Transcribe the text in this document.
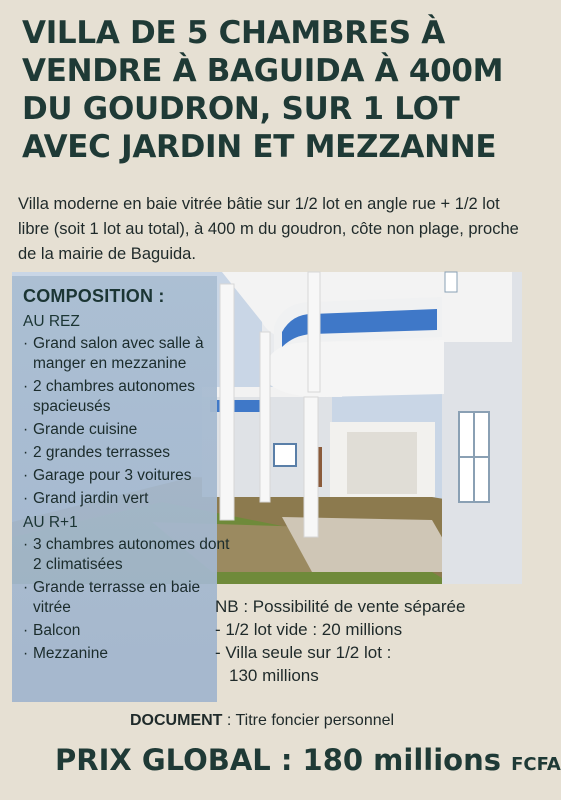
VILLA DE 5 CHAMBRES À VENDRE À BAGUIDA À 400M DU GOUDRON, SUR 1 LOT AVEC JARDIN ET MEZZANNE

Villa moderne en baie vitrée bâtie sur 1/2 lot en angle rue + 1/2 lot libre (soit 1 lot au total), à 400 m du goudron, côte non plage, proche de la mairie de Baguida.

COMPOSITION :
AU REZ
· Grand salon avec salle à manger en mezzanine
· 2 chambres autonomes spacieusés
· Grande cuisine
· 2 grandes terrasses
· Garage pour 3 voitures
· Grand jardin vert
AU R+1
· 3 chambres autonomes dont 2 climatisées
· Grande terrasse en baie vitrée
· Balcon
· Mezzanine
NB : Possibilité de vente séparée
- 1/2 lot vide : 20 millions
- Villa seule sur 1/2 lot :
130 millions
DOCUMENT : Titre foncier personnel
PRIX GLOBAL : 180 millions FCFA
